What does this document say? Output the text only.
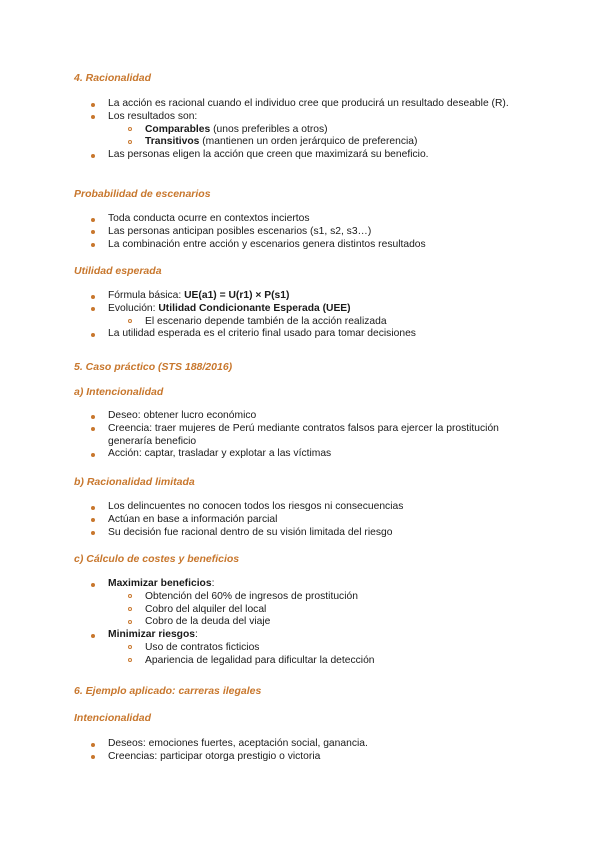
4. Racionalidad
La acción es racional cuando el individuo cree que producirá un resultado deseable (R).
Los resultados son:
Comparables (unos preferibles a otros)
Transitivos (mantienen un orden jerárquico de preferencia)
Las personas eligen la acción que creen que maximizará su beneficio.
Probabilidad de escenarios
Toda conducta ocurre en contextos inciertos
Las personas anticipan posibles escenarios (s1, s2, s3…)
La combinación entre acción y escenarios genera distintos resultados
Utilidad esperada
Fórmula básica: UE(a1) = U(r1) × P(s1)
Evolución: Utilidad Condicionante Esperada (UEE)
El escenario depende también de la acción realizada
La utilidad esperada es el criterio final usado para tomar decisiones
5. Caso práctico (STS 188/2016)
a) Intencionalidad
Deseo: obtener lucro económico
Creencia: traer mujeres de Perú mediante contratos falsos para ejercer la prostitución generaría beneficio
Acción: captar, trasladar y explotar a las víctimas
b) Racionalidad limitada
Los delincuentes no conocen todos los riesgos ni consecuencias
Actúan en base a información parcial
Su decisión fue racional dentro de su visión limitada del riesgo
c) Cálculo de costes y beneficios
Maximizar beneficios:
Obtención del 60% de ingresos de prostitución
Cobro del alquiler del local
Cobro de la deuda del viaje
Minimizar riesgos:
Uso de contratos ficticios
Apariencia de legalidad para dificultar la detección
6. Ejemplo aplicado: carreras ilegales
Intencionalidad
Deseos: emociones fuertes, aceptación social, ganancia.
Creencias: participar otorga prestigio o victoria
